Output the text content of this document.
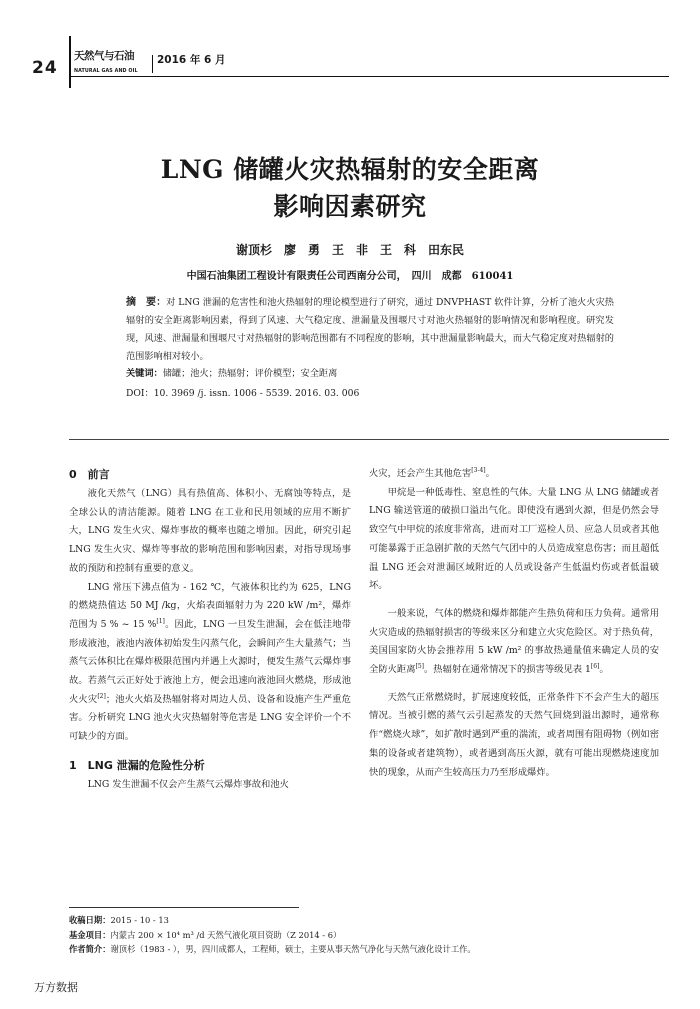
24
天然气与石油
NATURAL GAS AND OIL
2016 年 6 月
LNG 储罐火灾热辐射的安全距离
影响因素研究
谢顶杉　廖　勇　王　非　王　科　田东民
中国石油集团工程设计有限责任公司西南分公司，　四川　成都　610041
摘　要：对 LNG 泄漏的危害性和池火热辐射的理论模型进行了研究，通过 DNVPHAST 软件计算，分析了池火火灾热辐射的安全距离影响因素，得到了风速、大气稳定度、泄漏量及围堰尺寸对池火热辐射的影响情况和影响程度。研究发现，风速、泄漏量和围堰尺寸对热辐射的影响范围都有不同程度的影响，其中泄漏量影响最大，而大气稳定度对热辐射的范围影响相对较小。
关键词：储罐；池火；热辐射；评价模型；安全距离
DOI：10. 3969 /j. issn. 1006 - 5539. 2016. 03. 006
0　前言

液化天然气（LNG）具有热值高、体积小、无腐蚀等特点，是全球公认的清洁能源。随着 LNG 在工业和民用领域的应用不断扩大，LNG 发生火灾、爆炸事故的概率也随之增加。因此，研究引起 LNG 发生火灾、爆炸等事故的影响范围和影响因素，对指导现场事故的预防和控制有重要的意义。

LNG 常压下沸点值为 - 162 ℃，气液体积比约为 625，LNG 的燃烧热值达 50 MJ /kg，火焰表面辐射力为 220 kW /m²，爆炸范围为 5 % ~ 15 %[1]。因此，LNG 一旦发生泄漏，会在低洼地带形成液池，液池内液体初始发生闪蒸气化，会瞬间产生大量蒸气；当蒸气云体积比在爆炸极限范围内并遇上火源时，便发生蒸气云爆炸事故。若蒸气云正好处于液池上方，便会迅速向液池回火燃烧，形成池火火灾[2]；池火火焰及热辐射将对周边人员、设备和设施产生严重危害。分析研究 LNG 池火火灾热辐射等危害是 LNG 安全评价一个不可缺少的方面。

1　LNG 泄漏的危险性分析

LNG 发生泄漏不仅会产生蒸气云爆炸事故和池火

火灾，还会产生其他危害[3-4]。

甲烷是一种低毒性、窒息性的气体。大量 LNG 从 LNG 储罐或者 LNG 输送管道的破损口溢出气化。即使没有遇到火源，但是仍然会导致空气中甲烷的浓度非常高，进而对工厂巡检人员、应急人员或者其他可能暴露于正急剧扩散的天然气气团中的人员造成窒息伤害；而且超低温 LNG 还会对泄漏区域附近的人员或设备产生低温灼伤或者低温破坏。

一般来说，气体的燃烧和爆炸都能产生热负荷和压力负荷。通常用火灾造成的热辐射损害的等级来区分和建立火灾危险区。对于热负荷，美国国家防火协会推荐用 5 kW /m² 的事故热通量值来确定人员的安全防火距离[5]。热辐射在通常情况下的损害等级见表 1[6]。

天然气正常燃烧时，扩展速度较低，正常条件下不会产生大的超压情况。当被引燃的蒸气云引起蒸发的天然气回烧到溢出源时，通常称作“燃烧火球”，如扩散时遇到严重的湍流，或者周围有阻碍物（例如密集的设备或者建筑物），或者遇到高压火源，就有可能出现燃烧速度加快的现象，从而产生较高压力乃至形成爆炸。

收稿日期：2015 - 10 - 13
基金项目：内蒙古 200 × 10⁴ m³ /d 天然气液化项目资助（Z 2014 - 6）
作者简介：谢顶杉（1983 - ），男，四川成都人，工程师，硕士，主要从事天然气净化与天然气液化设计工作。
万方数据
